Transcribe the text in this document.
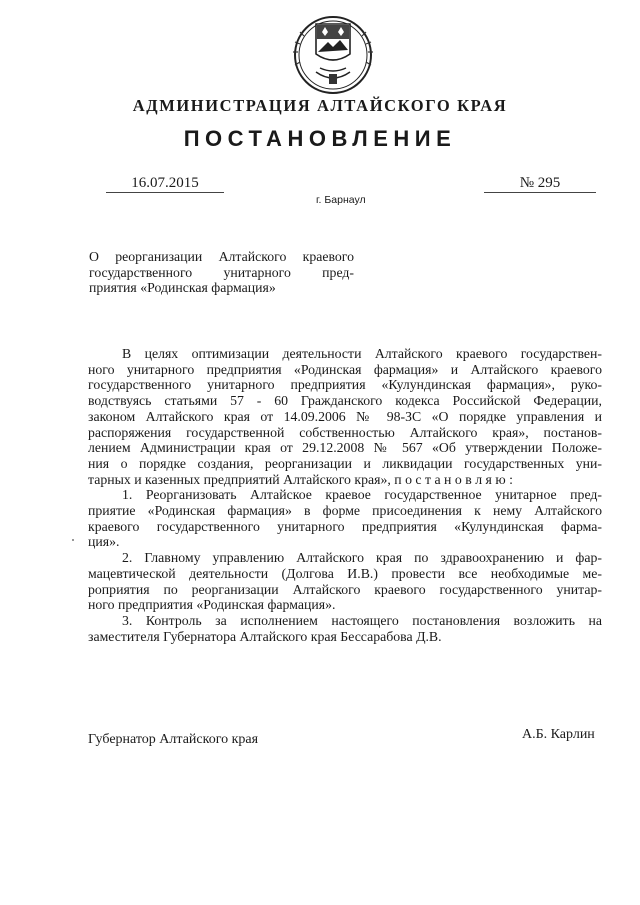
АДМИНИСТРАЦИЯ АЛТАЙСКОГО КРАЯ
ПОСТАНОВЛЕНИЕ
16.07.2015	№ 295
г. Барнаул
О реорганизации Алтайского краевого
государственного унитарного пред-
приятия «Родинская фармация»
В целях оптимизации деятельности Алтайского краевого государствен-
ного унитарного предприятия «Родинская фармация» и Алтайского краевого
государственного унитарного предприятия «Кулундинская фармация», руко-
водствуясь статьями 57 - 60 Гражданского кодекса Российской Федерации,
законом Алтайского края от 14.09.2006 № 98-ЗС «О порядке управления и
распоряжения государственной собственностью Алтайского края», постанов-
лением Администрации края от 29.12.2008 № 567 «Об утверждении Положе-
ния о порядке создания, реорганизации и ликвидации государственных уни-
тарных и казенных предприятий Алтайского края», п о с т а н о в л я ю :
1. Реорганизовать Алтайское краевое государственное унитарное пред-
приятие «Родинская фармация» в форме присоединения к нему Алтайского
краевого государственного унитарного предприятия «Кулундинская фарма-
ция».
2. Главному управлению Алтайского края по здравоохранению и фар-
мацевтической деятельности (Долгова И.В.) провести все необходимые ме-
роприятия по реорганизации Алтайского краевого государственного унитар-
ного предприятия «Родинская фармация».
3. Контроль за исполнением настоящего постановления возложить на
заместителя Губернатора Алтайского края Бессарабова Д.В.
Губернатор Алтайского края	А.Б. Карлин
